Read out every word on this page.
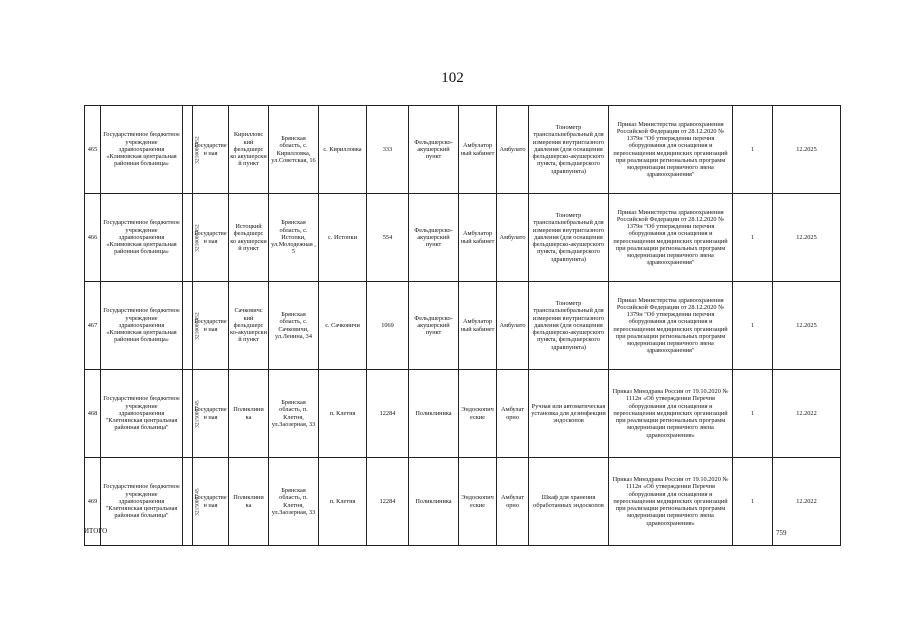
102
465	Государственное бюджетное учреждение здравоохранения «Климовская центральная районная больница»	3216000452	Государствен ная	Кирилловс кий фельдшерс ко акушерски й пункт	Брянская область, с. Кирилловка, ул.Советская, 16	с. Кирилловка	333	Фельдшерско-акушерский пункт	Амбулатор ный кабинет	Амбулато	Тонометр транспальпебральный для измерения внутриглазного давления (для оснащения фельдшерско-акушерского пункта, фельдшерского здравпункта)	Приказ Министерства здравоохранения Российской Федерации от 28.12.2020 № 1379н "Об утверждении перечня оборудования для оснащения и переоснащения медицинских организаций при реализации региональных программ модернизации первичного звена здравоохранения"	1	12.2025
466	Государственное бюджетное учреждение здравоохранения «Климовская центральная районная больница»	3216000452	Государствен ная	Истоцкий фельдшерс ко акушерски й пункт	Брянская область, с. Истопки, ул.Молодежная , 5	с. Истопки	554	Фельдшерско-акушерский пункт	Амбулатор ный кабинет	Амбулато	Тонометр транспальпебральный для измерения внутриглазного давления (для оснащения фельдшерско-акушерского пункта, фельдшерского здравпункта)	Приказ Министерства здравоохранения Российской Федерации от 28.12.2020 № 1379н "Об утверждении перечня оборудования для оснащения и переоснащения медицинских организаций при реализации региональных программ модернизации первичного звена здравоохранения"	1	12.2025
467	Государственное бюджетное учреждение здравоохранения «Климовская центральная районная больница»	3216000452	Государствен ная	Сачковичс кий фельдшерс ко-акушерски й пункт	Брянская область, с. Сачковичи, ул.Ленина, 34	с. Сачковичи	1069	Фельдшерско-акушерский пункт	Амбулатор ный кабинет	Амбулато	Тонометр транспальпебральный для измерения внутриглазного давления (для оснащения фельдшерско-акушерского пункта, фельдшерского здравпункта)	Приказ Министерства здравоохранения Российской Федерации от 28.12.2020 № 1379н "Об утверждении перечня оборудования для оснащения и переоснащения медицинских организаций при реализации региональных программ модернизации первичного звена здравоохранения"	1	12.2025
468	Государственное бюджетное учреждение здравоохранения "Клетнянская центральная районная больница"	3215000745	Государствен ная	Поликлини ка	Брянская область, п. Клетня, ул.Заозерная, 33	п. Клетня	12284	Поликлиника	Эндоскопич еские	Амбулат орно	Ручная или автоматическая установка для дезинфекции эндоскопов	Приказ Минздрава России от 19.10.2020 № 1112н «Об утверждении Перечня оборудования для оснащения и переоснащения медицинских организаций при реализации региональных программ модернизации первичного звена здравоохранения»	1	12.2022
469	Государственное бюджетное учреждение здравоохранения "Клетнянская центральная районная больница"	3215000745	Государствен ная	Поликлини ка	Брянская область, п. Клетня, ул.Заозерная, 33	п. Клетня	12284	Поликлиника	Эндоскопич еские	Амбулат орно	Шкаф для хранения обработанных эндоскопов	Приказ Минздрава России от 19.10.2020 № 1112н «Об утверждении Перечня оборудования для оснащения и переоснащения медицинских организаций при реализации региональных программ модернизации первичного звена здравоохранения»	1	12.2022
ИТОГО	759
